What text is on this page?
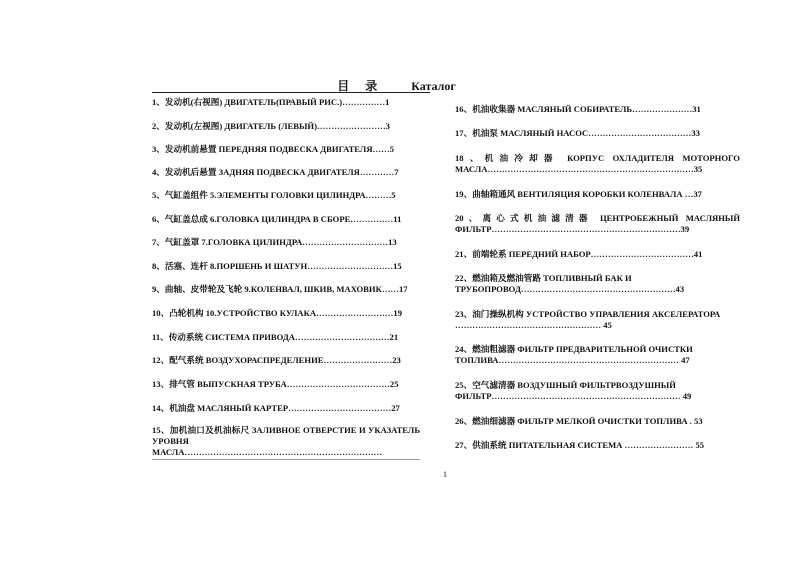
目　录	Каталог
1、发动机(右视图) ДВИГАТЕЛЬ(ПРАВЫЙ РИС.)……………1
2、发动机(左视图) ДВИГАТЕЛЬ (ЛЕВЫЙ)……………………3
3、发动机前悬置 ПЕРЕДНЯЯ ПОДВЕСКА ДВИГАТЕЛЯ……5
4、发动机后悬置 ЗАДНЯЯ ПОДВЕСКА ДВИГАТЕЛЯ…………7
5、气缸盖组件 5.ЭЛЕМЕНТЫ ГОЛОВКИ ЦИЛИНДРА………5
6、气缸盖总成 6.ГОЛОВКА ЦИЛИНДРА В СБОРЕ……………11
7、气缸盖罩 7.ГОЛОВКА ЦИЛИНДРА…………………………13
8、活塞、连杆 8.ПОРШЕНЬ И ШАТУН…………………………15
9、曲轴、皮带轮及飞轮 9.КОЛЕНВАЛ, ШКИВ, МАХОВИК……17
10、凸轮机构 10.УСТРОЙСТВО КУЛАКА………………………19
11、传动系统 СИСТЕМА ПРИВОДА……………………………21
12、配气系统 ВОЗДУХОРАСПРЕДЕЛЕНИЕ……………………23
13、排气管 ВЫПУСКНАЯ ТРУБА………………………………25
14、机油盘 МАСЛЯНЫЙ КАРТЕР………………………………27
15、加机油口及机油标尺 ЗАЛИВНОЕ ОТВЕРСТИЕ И УКАЗАТЕЛЬ УРОВНЯ МАСЛА……………………………………………………………
16、机油收集器 МАСЛЯНЫЙ СОБИРАТЕЛЬ…………………31
17、机油泵 МАСЛЯНЫЙ НАСОС………………………………33
18、机油冷却器 КОРПУС ОХЛАДИТЕЛЯ МОТОРНОГО МАСЛА………………………………………………………………35
19、曲轴箱通风 ВЕНТИЛЯЦИЯ КОРОБКИ КОЛЕНВАЛА …37
20、离心式机油滤清器 ЦЕНТРОБЕЖНЫЙ МАСЛЯНЫЙ ФИЛЬТР…………………………………………………………39
21、前端轮系 ПЕРЕДНИЙ НАБОР………………………………41
22、燃油箱及燃油管路 ТОПЛИВНЫЙ БАК И ТРУБОПРОВОД………………………………………………43
23、油门操纵机构 УСТРОЙСТВО УПРАВЛЕНИЯ АКСЕЛЕРАТОРА …………………………………………… 45
24、燃油粗滤器 ФИЛЬТР ПРЕДВАРИТЕЛЬНОЙ ОЧИСТКИ ТОПЛИВА……………………………………………………… 47
25、空气滤清器 ВОЗДУШНЫЙ ФИЛЬТРВОЗДУШНЫЙ ФИЛЬТР………………………………………………………… 49
26、燃油细滤器 ФИЛЬТР МЕЛКОЙ ОЧИСТКИ ТОПЛИВА . 53
27、供油系统 ПИТАТЕЛЬНАЯ СИСТЕМА …………………… 55
1
